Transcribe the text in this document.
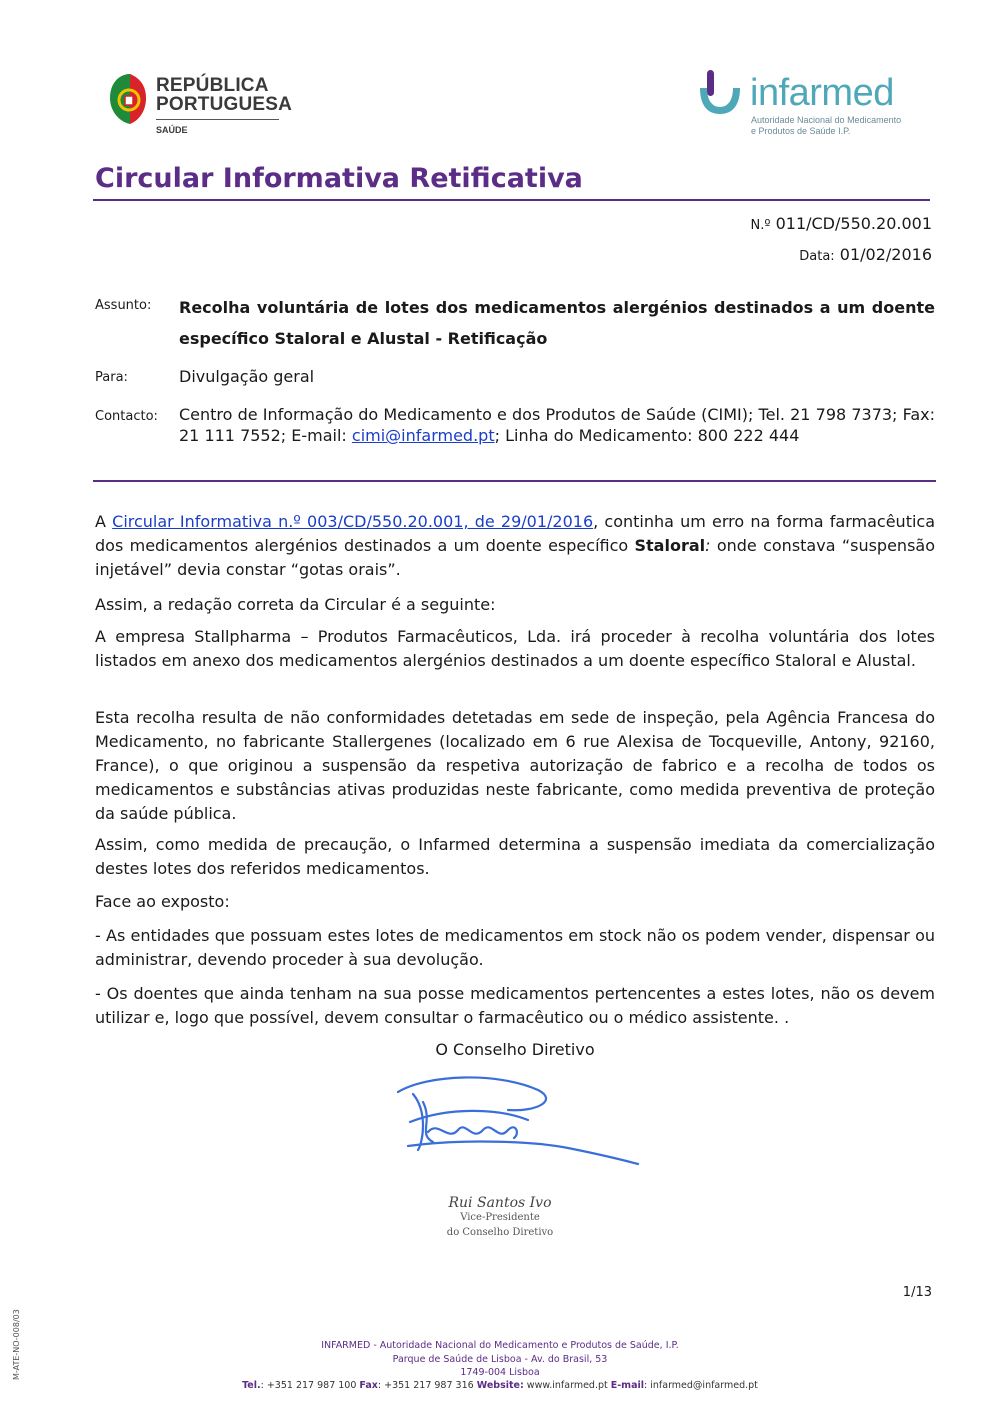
REPÚBLICA
PORTUGUESA
SAÚDE
infarmed
Autoridade Nacional do Medicamento
e Produtos de Saúde I.P.
Circular Informativa Retificativa
N.º 011/CD/550.20.001
Data: 01/02/2016
Assunto: Recolha voluntária de lotes dos medicamentos alergénios destinados a um doente específico Staloral e Alustal - Retificação
Para:	Divulgação geral
Contacto: Centro de Informação do Medicamento e dos Produtos de Saúde (CIMI); Tel. 21 798 7373; Fax: 21 111 7552; E-mail: cimi@infarmed.pt; Linha do Medicamento: 800 222 444

A Circular Informativa n.º 003/CD/550.20.001, de 29/01/2016, continha um erro na forma farmacêutica dos medicamentos alergénios destinados a um doente específico Staloral: onde constava “suspensão injetável” devia constar “gotas orais”.

Assim, a redação correta da Circular é a seguinte:

A empresa Stallpharma – Produtos Farmacêuticos, Lda. irá proceder à recolha voluntária dos lotes listados em anexo dos medicamentos alergénios destinados a um doente específico Staloral e Alustal.

Esta recolha resulta de não conformidades detetadas em sede de inspeção, pela Agência Francesa do Medicamento, no fabricante Stallergenes (localizado em 6 rue Alexisa de Tocqueville, Antony, 92160, France), o que originou a suspensão da respetiva autorização de fabrico e a recolha de todos os medicamentos e substâncias ativas produzidas neste fabricante, como medida preventiva de proteção da saúde pública.

Assim, como medida de precaução, o Infarmed determina a suspensão imediata da comercialização destes lotes dos referidos medicamentos.

Face ao exposto:

- As entidades que possuam estes lotes de medicamentos em stock não os podem vender, dispensar ou administrar, devendo proceder à sua devolução.

- Os doentes que ainda tenham na sua posse medicamentos pertencentes a estes lotes, não os devem utilizar e, logo que possível, devem consultar o farmacêutico ou o médico assistente. .

O Conselho Diretivo
Rui Santos Ivo
Vice-Presidente
do Conselho Diretivo
1/13
M-ATE-NO-008/03	INFARMED - Autoridade Nacional do Medicamento e Produtos de Saúde, I.P.
Parque de Saúde de Lisboa - Av. do Brasil, 53
1749-004 Lisboa
Tel.: +351 217 987 100 Fax: +351 217 987 316 Website: www.infarmed.pt E-mail: infarmed@infarmed.pt
